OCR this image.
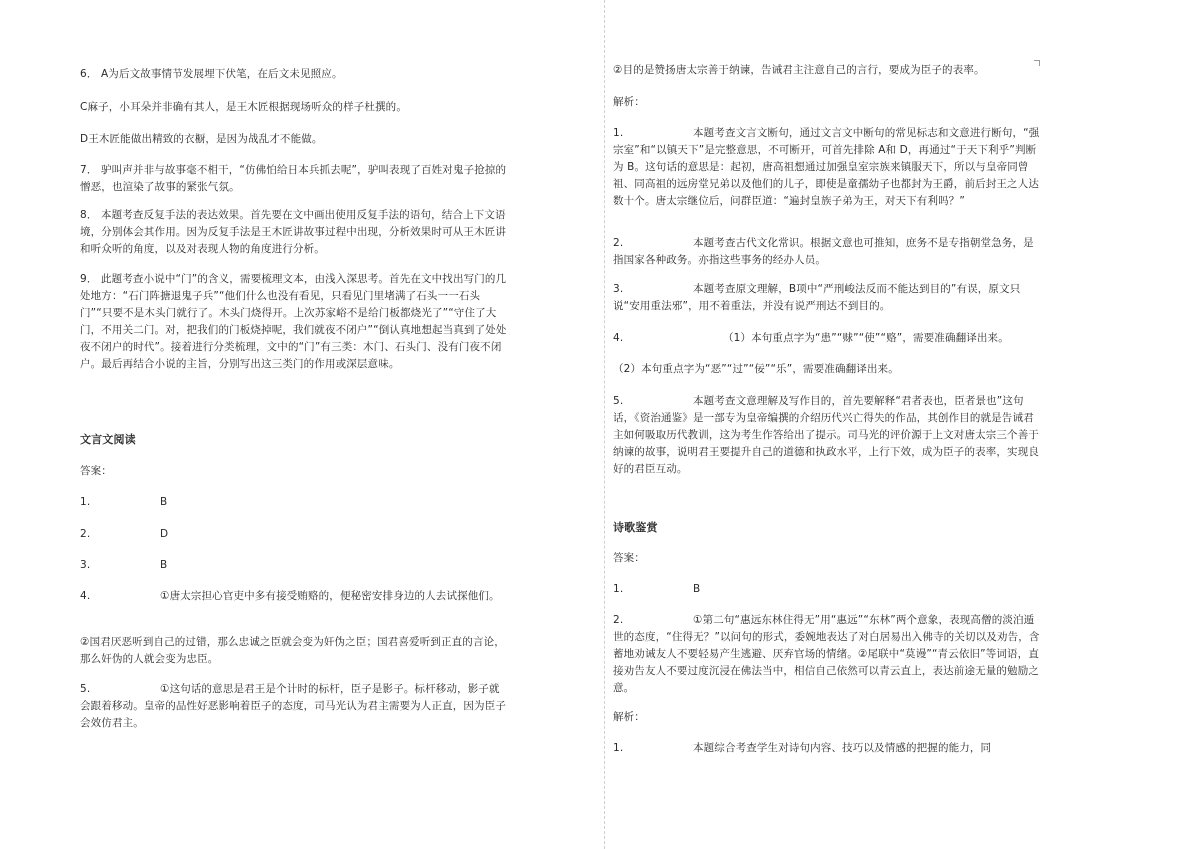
6． A为后文故事情节发展埋下伏笔，在后文未见照应。

C麻子，小耳朵并非确有其人，是王木匠根据现场听众的样子杜撰的。

D王木匠能做出精致的衣橱，是因为战乱才不能做。

7． 驴叫声并非与故事毫不相干，“仿佛怕给日本兵抓去呢”，驴叫表现了百姓对鬼子抢掠的憎恶，也渲染了故事的紧张气氛。

8． 本题考查反复手法的表达效果。首先要在文中画出使用反复手法的语句，结合上下文语境，分别体会其作用。因为反复手法是王木匠讲故事过程中出现，分析效果时可从王木匠讲和听众听的角度，以及对表现人物的角度进行分析。

9． 此题考查小说中“门”的含义，需要梳理文本，由浅入深思考。首先在文中找出写门的几处地方：“石门阵搪退鬼子兵”“他们什么也没有看见，只看见门里堵满了石头一一石头门”“只要不是木头门就行了。木头门烧得开。上次苏家峪不是给门板都烧光了”“守住了大门，不用关二门。对，把我们的门板烧掉呢，我们就夜不闭户”“倒认真地想起当真到了处处夜不闭户的时代”。接着进行分类梳理，文中的“门”有三类：木门、石头门、没有门夜不闭户。最后再结合小说的主旨，分别写出这三类门的作用或深层意味。

文言文阅读

答案：

1.	B

2.	D

3.	B

4.	①唐太宗担心官吏中多有接受贿赂的，便秘密安排身边的人去试探他们。

②国君厌恶听到自己的过错，那么忠诚之臣就会变为奸伪之臣；国君喜爱听到正直的言论，那么奸伪的人就会变为忠臣。

5.	①这句话的意思是君王是个计时的标杆，臣子是影子。标杆移动，影子就会跟着移动。皇帝的品性好恶影响着臣子的态度，司马光认为君主需要为人正直，因为臣子会效仿君主。

②目的是赞扬唐太宗善于纳谏，告诫君主注意自己的言行，要成为臣子的表率。

解析：

1.	本题考查文言文断句，通过文言文中断句的常见标志和文意进行断句，“强宗室”和“以镇天下”是完整意思，不可断开，可首先排除 A和 D，再通过“于天下利乎”判断为 B。这句话的意思是：起初，唐高祖想通过加强皇室宗族来镇服天下，所以与皇帝同曾祖、同高祖的远房堂兄弟以及他们的儿子，即使是童孺幼子也都封为王爵，前后封王之人达数十个。唐太宗继位后，问群臣道：“遍封皇族子弟为王，对天下有利吗？”

2.	本题考查古代文化常识。根据文意也可推知，庶务不是专指朝堂急务，是指国家各种政务。亦指这些事务的经办人员。

3.	本题考查原文理解，B项中“严刑峻法反而不能达到目的”有误，原文只说“安用重法邪”，用不着重法，并没有说严刑达不到目的。

4.	（1）本句重点字为“患”“赇”“使”“赂”，需要准确翻译出来。

（2）本句重点字为“恶”“过”“佞”“乐”，需要准确翻译出来。

5.	本题考查文意理解及写作目的，首先要解释“君者表也，臣者景也”这句话，《资治通鉴》是一部专为皇帝编撰的介绍历代兴亡得失的作品，其创作目的就是告诫君主如何吸取历代教训，这为考生作答给出了提示。司马光的评价源于上文对唐太宗三个善于纳谏的故事，说明君王要提升自己的道德和执政水平，上行下效，成为臣子的表率，实现良好的君臣互动。

诗歌鉴赏

答案：

1.	B

2.	①第二句“惠远东林住得无”用“惠远”“东林”两个意象，表现高僧的淡泊遁世的态度，“住得无？”以问句的形式，委婉地表达了对白居易出入佛寺的关切以及劝告，含蓄地劝诫友人不要轻易产生逃避、厌弃官场的情绪。②尾联中“莫谩”“青云依旧”等词语，直接劝告友人不要过度沉浸在佛法当中，相信自己依然可以青云直上，表达前途无量的勉励之意。

解析：

1.	本题综合考查学生对诗句内容、技巧以及情感的把握的能力，同
